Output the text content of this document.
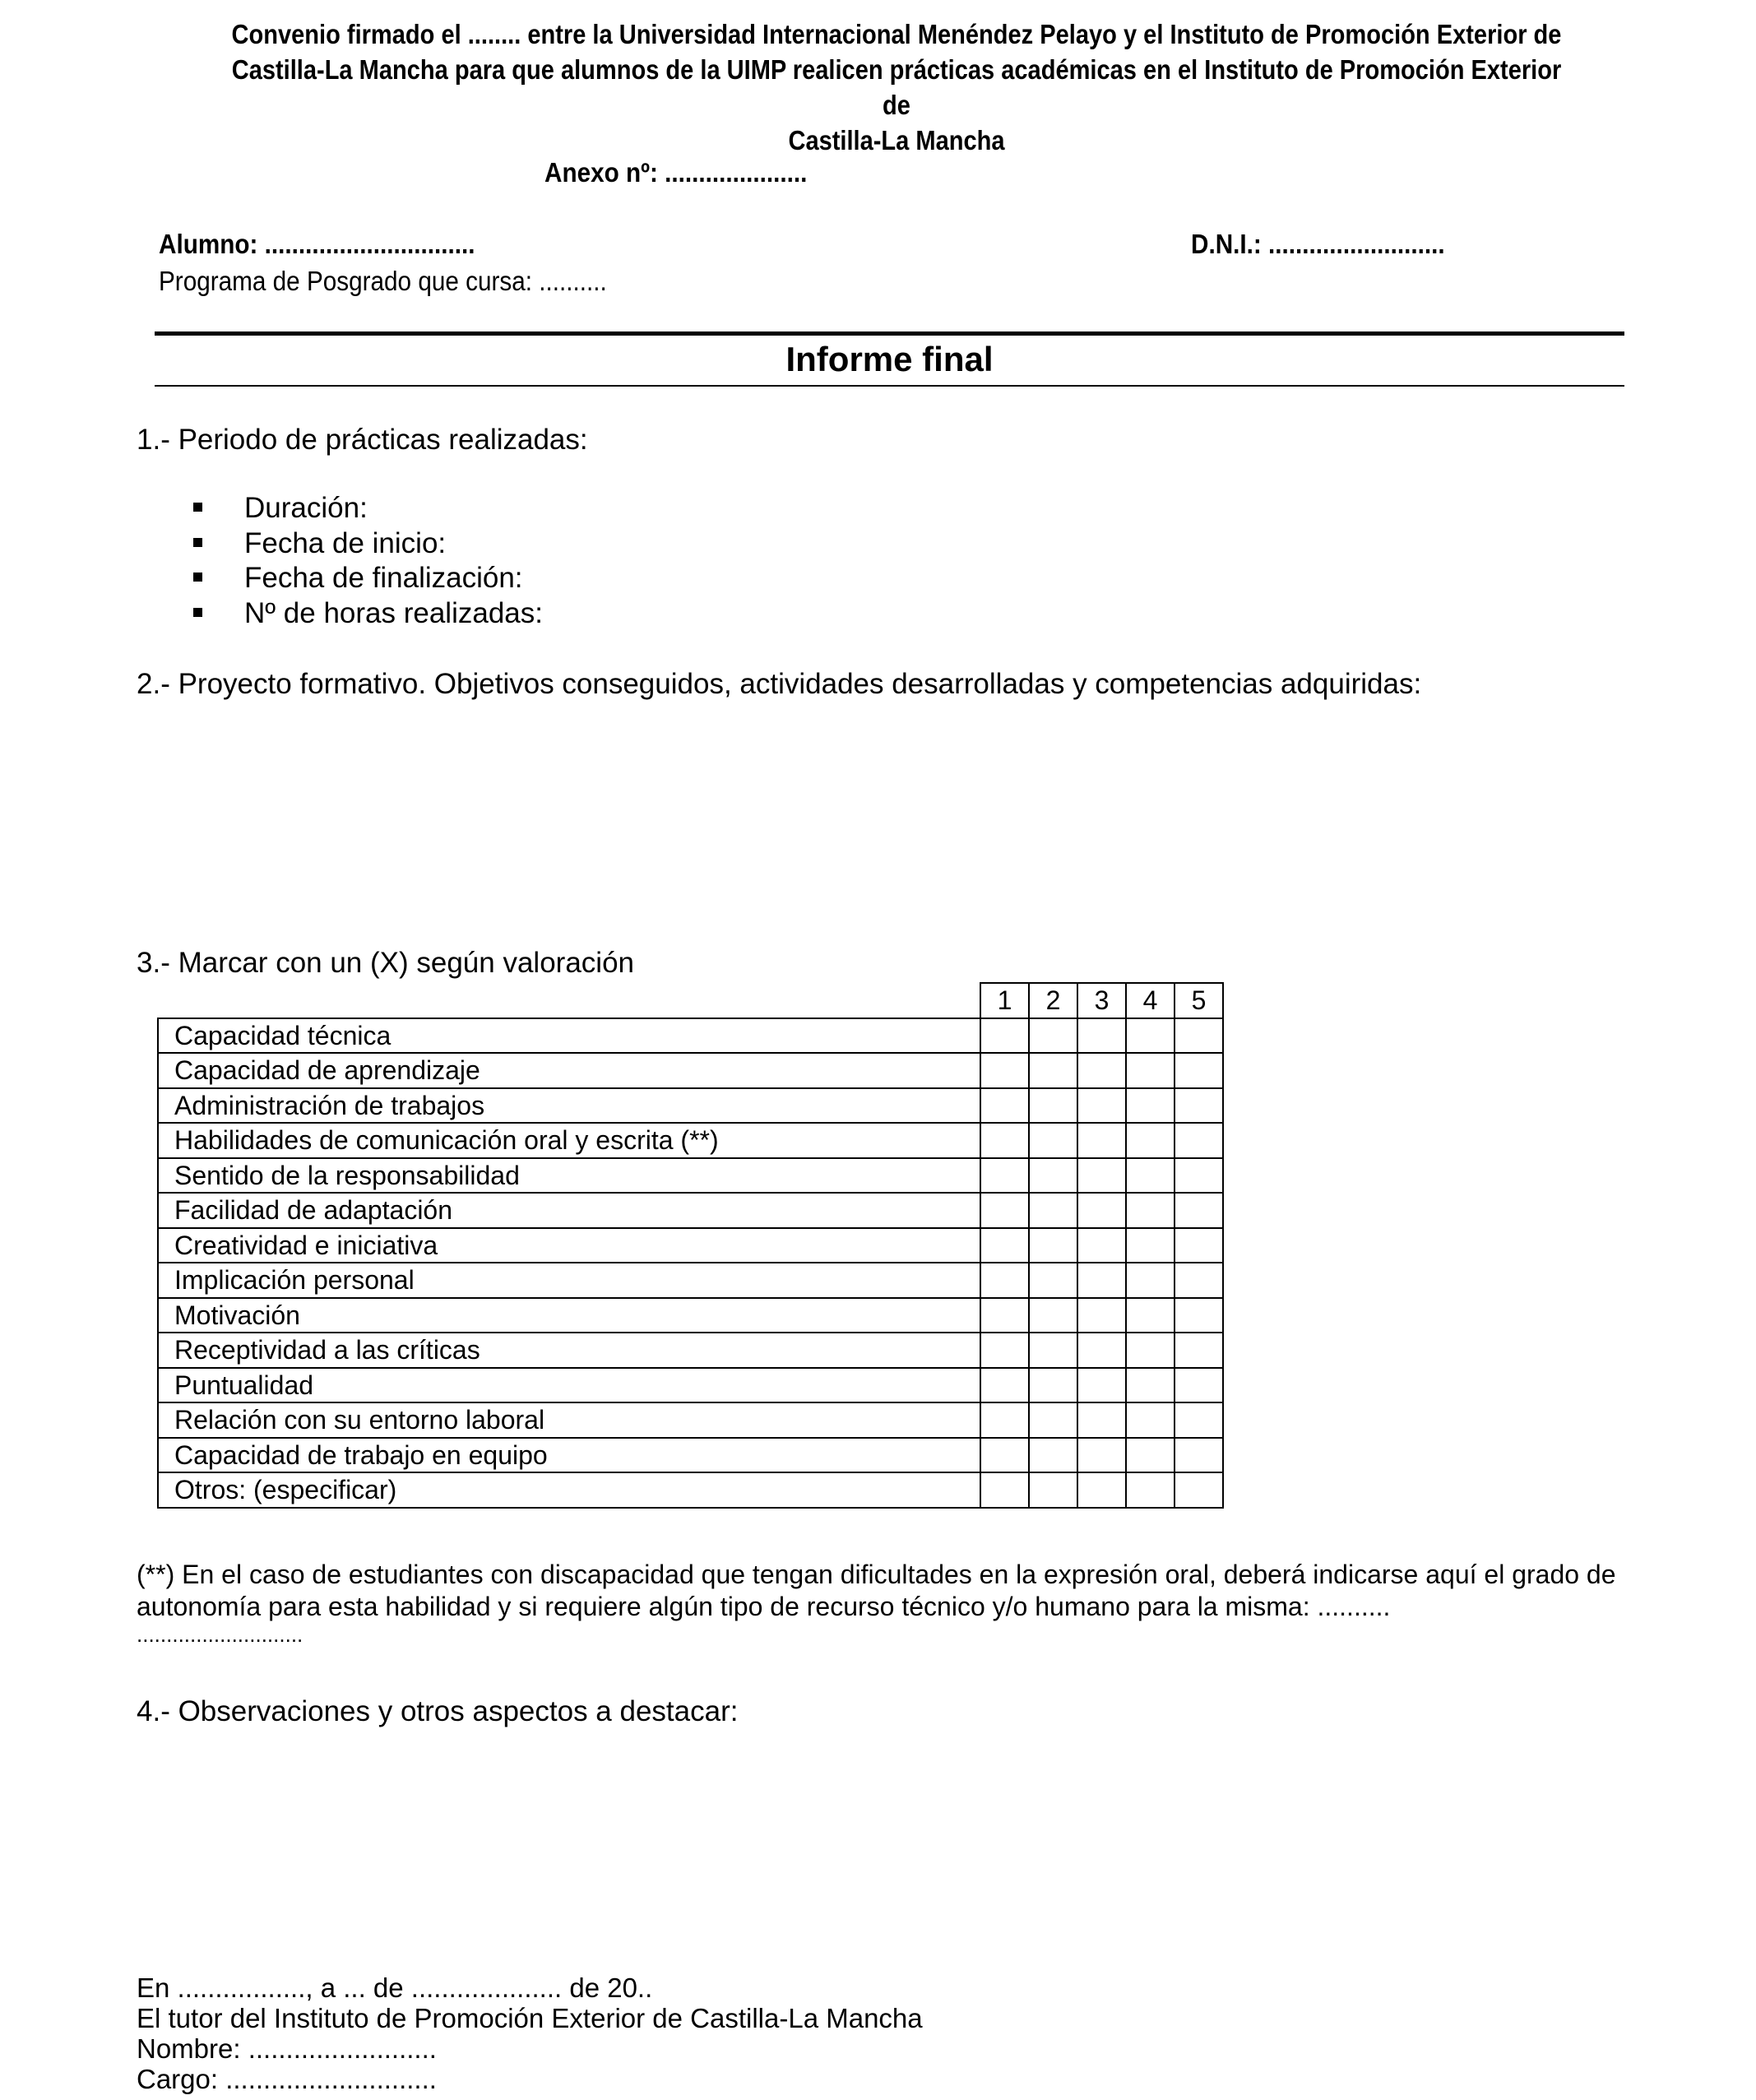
Convenio firmado el ........ entre la Universidad Internacional Menéndez Pelayo y el Instituto de Promoción Exterior de
Castilla-La Mancha para que alumnos de la UIMP realicen prácticas académicas en el Instituto de Promoción Exterior de
Castilla-La Mancha
Anexo nº: .....................
Alumno: ...............................	D.N.I.: ..........................
Programa de Posgrado que cursa: ..........
Informe final
1.- Periodo de prácticas realizadas:
Duración:
Fecha de inicio:
Fecha de finalización:
Nº de horas realizadas:
2.- Proyecto formativo. Objetivos conseguidos, actividades desarrolladas y competencias adquiridas:
3.- Marcar con un (X) según valoración
	1	2	3	4	5
Capacidad técnica					
Capacidad de aprendizaje					
Administración de trabajos					
Habilidades de comunicación oral y escrita (**)					
Sentido de la responsabilidad					
Facilidad de adaptación					
Creatividad e iniciativa					
Implicación personal					
Motivación					
Receptividad a las críticas					
Puntualidad					
Relación con su entorno laboral					
Capacidad de trabajo en equipo					
Otros: (especificar)					
(**) En el caso de estudiantes con discapacidad que tengan dificultades en la expresión oral, deberá indicarse aquí el grado de
autonomía para esta habilidad y si requiere algún tipo de recurso técnico y/o humano para la misma: ..........
............................
4.- Observaciones y otros aspectos a destacar:
En ................., a ... de .................... de 20..
El tutor del Instituto de Promoción Exterior de Castilla-La Mancha
Nombre: .........................
Cargo: ............................
